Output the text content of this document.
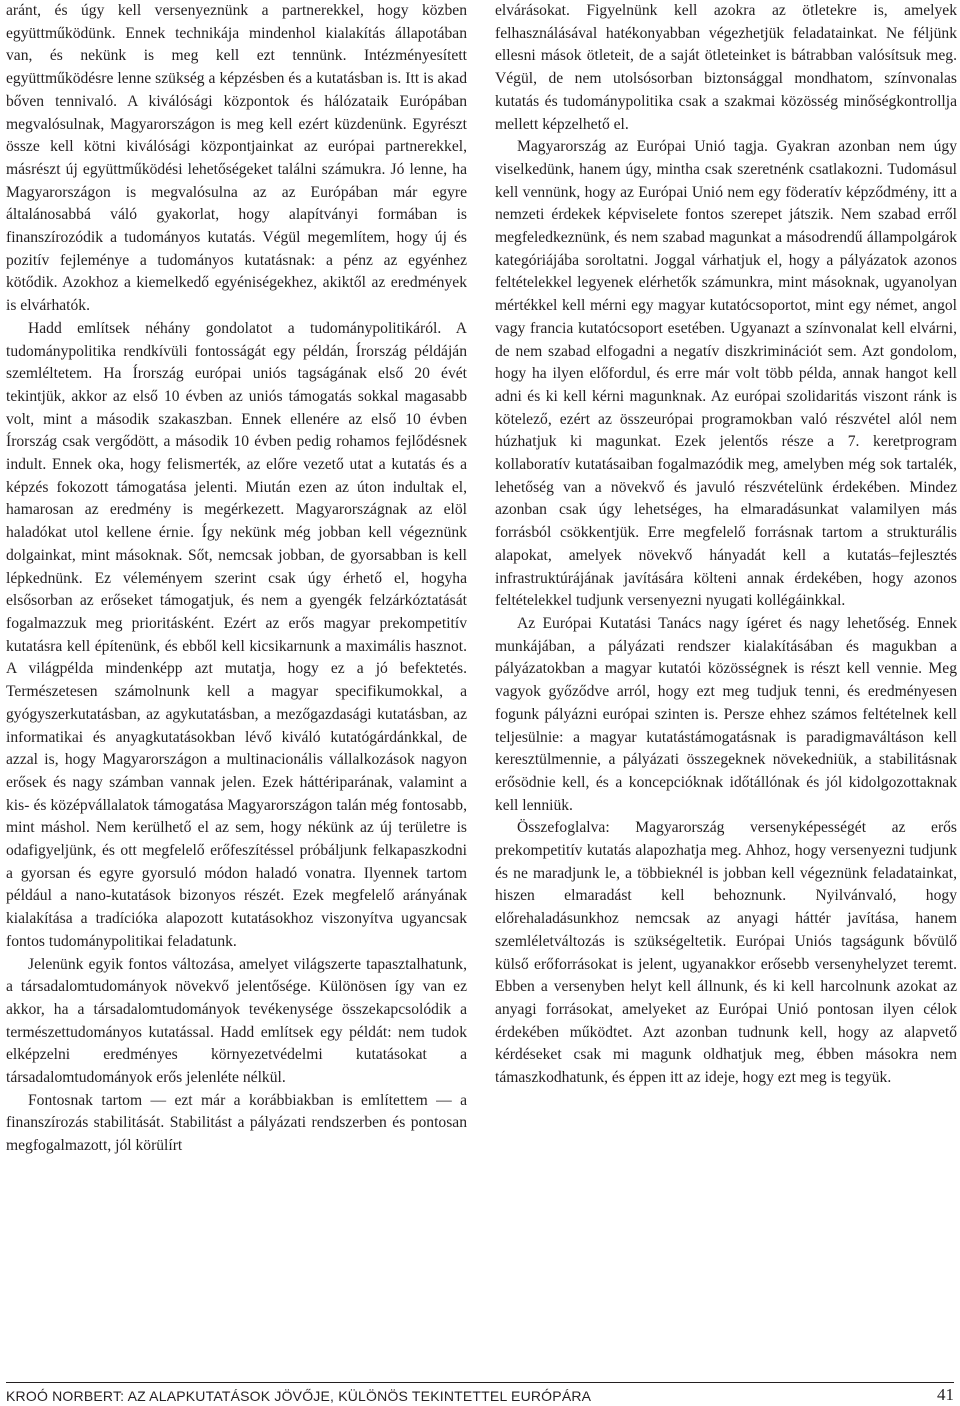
aránt, és úgy kell versenyeznünk a partnerekkel, hogy közben együttműködünk. Ennek technikája mindenhol kialakítás állapotában van, és nekünk is meg kell ezt tennünk. Intézményesített együttműködésre lenne szükség a képzésben és a kutatásban is. Itt is akad bőven tennivaló. A kiválósági központok és hálózataik Európában megvalósulnak, Magyarországon is meg kell ezért küzdenünk. Egyrészt össze kell kötni kiválósági központjainkat az európai partnerekkel, másrészt új együttműködési lehetőségeket találni számukra. Jó lenne, ha Magyarországon is megvalósulna az az Európában már egyre általánosabbá váló gyakorlat, hogy alapítványi formában is finanszírozódik a tudományos kutatás. Végül megemlítem, hogy új és pozitív fejleménye a tudományos kutatásnak: a pénz az egyénhez kötődik. Azokhoz a kiemelkedő egyéniségekhez, akiktől az eredmények is elvárhatók.

Hadd említsek néhány gondolatot a tudománypolitikáról. A tudománypolitika rendkívüli fontosságát egy példán, Írország példáján szemléltetem. Ha Írország európai uniós tagságának első 20 évét tekintjük, akkor az első 10 évben az uniós támogatás sokkal magasabb volt, mint a második szakaszban. Ennek ellenére az első 10 évben Írország csak vergődött, a második 10 évben pedig rohamos fejlődésnek indult. Ennek oka, hogy felismerték, az előre vezető utat a kutatás és a képzés fokozott támogatása jelenti. Miután ezen az úton indultak el, hamarosan az eredmény is megérkezett. Magyarországnak az elöl haladókat utol kellene érnie. Így nekünk még jobban kell végeznünk dolgainkat, mint másoknak. Sőt, nemcsak jobban, de gyorsabban is kell lépkednünk. Ez véleményem szerint csak úgy érhető el, hogyha elsősorban az erőseket támogatjuk, és nem a gyengék felzárkóztatását fogalmazzuk meg prioritásként. Ezért az erős magyar prekompetitív kutatásra kell építenünk, és ebből kell kicsikarnunk a maximális hasznot. A világpélda mindenképp azt mutatja, hogy ez a jó befektetés. Természetesen számolnunk kell a magyar specifikumokkal, a gyógyszerkutatásban, az agykutatásban, a mezőgazdasági kutatásban, az informatikai és anyagkutatásokban lévő kiváló kutatógárdánkkal, de azzal is, hogy Magyarországon a multinacionális vállalkozások nagyon erősek és nagy számban vannak jelen. Ezek háttériparának, valamint a kis- és középvállalatok támogatása Magyarországon talán még fontosabb, mint máshol. Nem kerülhető el az sem, hogy nékünk az új területre is odafigyeljünk, és ott megfelelő erőfeszítéssel próbáljunk felkapaszkodni a gyorsan és egyre gyorsuló módon haladó vonatra. Ilyennek tartom például a nano-kutatások bizonyos részét. Ezek megfelelő arányának kialakítása a tradícióka alapozott kutatásokhoz viszonyítva ugyancsak fontos tudománypolitikai feladatunk.

Jelenünk egyik fontos változása, amelyet világszerte tapasztalhatunk, a társadalomtudományok növekvő jelentősége. Különösen így van ez akkor, ha a társadalomtudományok tevékenysége összekapcsolódik a természettudományos kutatással. Hadd említsek egy példát: nem tudok elképzelni eredményes környezetvédelmi kutatásokat a társadalomtudományok erős jelenléte nélkül.

Fontosnak tartom — ezt már a korábbiakban is említettem — a finanszírozás stabilitását. Stabilitást a pályázati rendszerben és pontosan megfogalmazott, jól körülírt

elvárásokat. Figyelnünk kell azokra az ötletekre is, amelyek felhasználásával hatékonyabban végezhetjük feladatainkat. Ne féljünk ellesni mások ötleteit, de a saját ötleteinket is bátrabban valósítsuk meg. Végül, de nem utolsósorban biztonsággal mondhatom, színvonalas kutatás és tudománypolitika csak a szakmai közösség minőségkontrollja mellett képzelhető el.

Magyarország az Európai Unió tagja. Gyakran azonban nem úgy viselkedünk, hanem úgy, mintha csak szeretnénk csatlakozni. Tudomásul kell vennünk, hogy az Európai Unió nem egy föderatív képződmény, itt a nemzeti érdekek képviselete fontos szerepet játszik. Nem szabad erről megfeledkeznünk, és nem szabad magunkat a másodrendű állampolgárok kategóriájába soroltatni. Joggal várhatjuk el, hogy a pályázatok azonos feltételekkel legyenek elérhetők számunkra, mint másoknak, ugyanolyan mértékkel kell mérni egy magyar kutatócsoportot, mint egy német, angol vagy francia kutatócsoport esetében. Ugyanazt a színvonalat kell elvárni, de nem szabad elfogadni a negatív diszkriminációt sem. Azt gondolom, hogy ha ilyen előfordul, és erre már volt több példa, annak hangot kell adni és ki kell kérni magunknak. Az európai szolidaritás viszont ránk is kötelező, ezért az összeurópai programokban való részvétel alól nem húzhatjuk ki magunkat. Ezek jelentős része a 7. keretprogram kollaboratív kutatásaiban fogalmazódik meg, amelyben még sok tartalék, lehetőség van a növekvő és javuló részvételünk érdekében. Mindez azonban csak úgy lehetséges, ha elmaradásunkat valamilyen más forrásból csökkentjük. Erre megfelelő forrásnak tartom a strukturális alapokat, amelyek növekvő hányadát kell a kutatás–fejlesztés infrastruktúrájának javítására költeni annak érdekében, hogy azonos feltételekkel tudjunk versenyezni nyugati kollégáinkkal.

Az Európai Kutatási Tanács nagy ígéret és nagy lehetőség. Ennek munkájában, a pályázati rendszer kialakításában és magukban a pályázatokban a magyar kutatói közösségnek is részt kell vennie. Meg vagyok győződve arról, hogy ezt meg tudjuk tenni, és eredményesen fogunk pályázni európai szinten is. Persze ehhez számos feltételnek kell teljesülnie: a magyar kutatástámogatásnak is paradigmaváltáson kell keresztülmennie, a pályázati összegeknek növekedniük, a stabilitásnak erősödnie kell, és a koncepcióknak időtállónak és jól kidolgozottaknak kell lenniük.

Összefoglalva: Magyarország versenyképességét az erős prekompetitív kutatás alapozhatja meg. Ahhoz, hogy versenyezni tudjunk és ne maradjunk le, a többieknél is jobban kell végeznünk feladatainkat, hiszen elmaradást kell behoznunk. Nyilvánvaló, hogy előrehaladásunkhoz nemcsak az anyagi háttér javítása, hanem szemléletváltozás is szükségeltetik. Európai Uniós tagságunk bővülő külső erőforrásokat is jelent, ugyanakkor erősebb versenyhelyzet teremt. Ebben a versenyben helyt kell állnunk, és ki kell harcolnunk azokat az anyagi forrásokat, amelyeket az Európai Unió pontosan ilyen célok érdekében működtet. Azt azonban tudnunk kell, hogy az alapvető kérdéseket csak mi magunk oldhatjuk meg, ébben másokra nem támaszkodhatunk, és éppen itt az ideje, hogy ezt meg is tegyük.

KROÓ NORBERT: AZ ALAPKUTATÁSOK JÖVŐJE, KÜLÖNÖS TEKINTETTEL EURÓPÁRA	41
